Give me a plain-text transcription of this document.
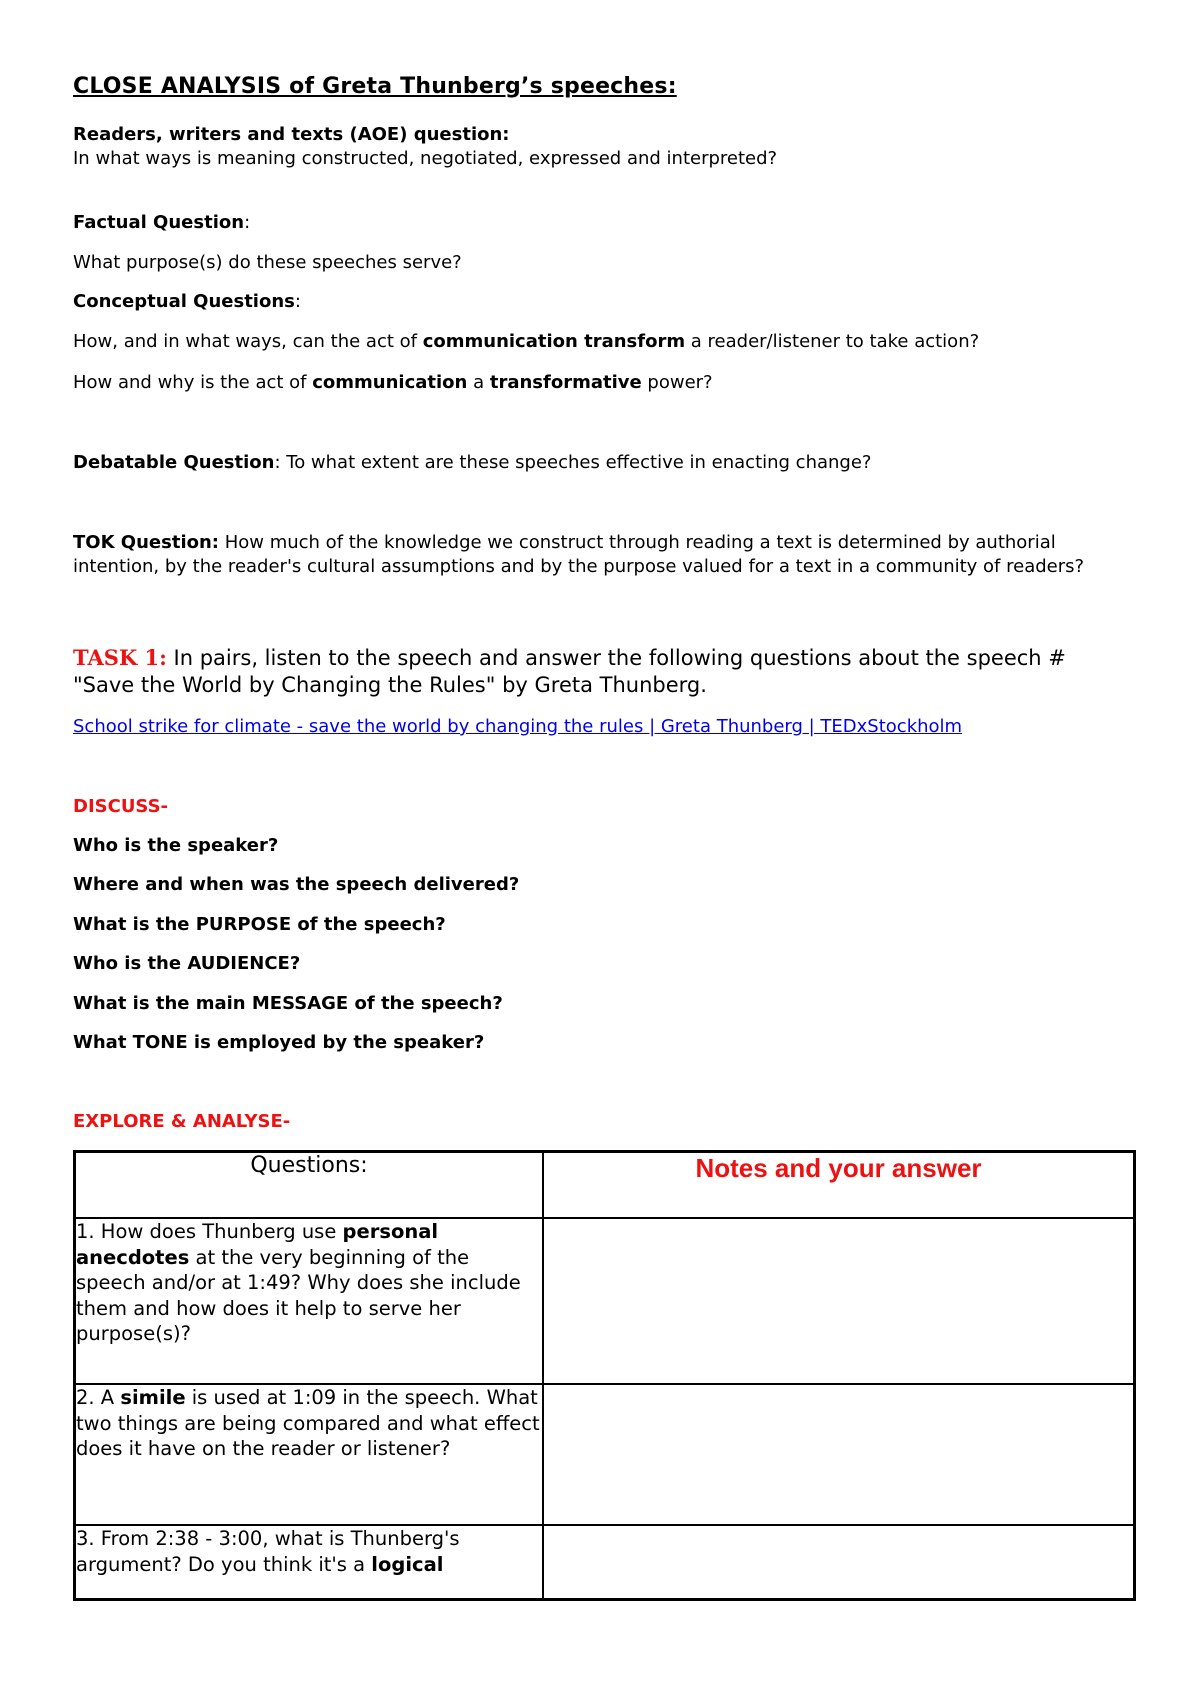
CLOSE ANALYSIS of Greta Thunberg’s speeches:
Readers, writers and texts (AOE) question:
In what ways is meaning constructed, negotiated, expressed and interpreted?
Factual Question:
What purpose(s) do these speeches serve?
Conceptual Questions:
How, and in what ways, can the act of communication transform a reader/listener to take action?
How and why is the act of communication a transformative power?
Debatable Question: To what extent are these speeches effective in enacting change?
TOK Question: How much of the knowledge we construct through reading a text is determined by authorial
intention, by the reader's cultural assumptions and by the purpose valued for a text in a community of readers?
TASK 1: In pairs, listen to the speech and answer the following questions about the speech #
"Save the World by Changing the Rules" by Greta Thunberg.
School strike for climate - save the world by changing the rules | Greta Thunberg | TEDxStockholm
DISCUSS-
Who is the speaker?
Where and when was the speech delivered?
What is the PURPOSE of the speech?
Who is the AUDIENCE?
What is the main MESSAGE of the speech?
What TONE is employed by the speaker?
EXPLORE & ANALYSE-
Questions:	Notes and your answer
1. How does Thunberg use personal anecdotes at the very beginning of the speech and/or at 1:49? Why does she include them and how does it help to serve her purpose(s)?	
2. A simile is used at 1:09 in the speech. What two things are being compared and what effect does it have on the reader or listener?	
3. From 2:38 - 3:00, what is Thunberg's argument? Do you think it's a logical	
